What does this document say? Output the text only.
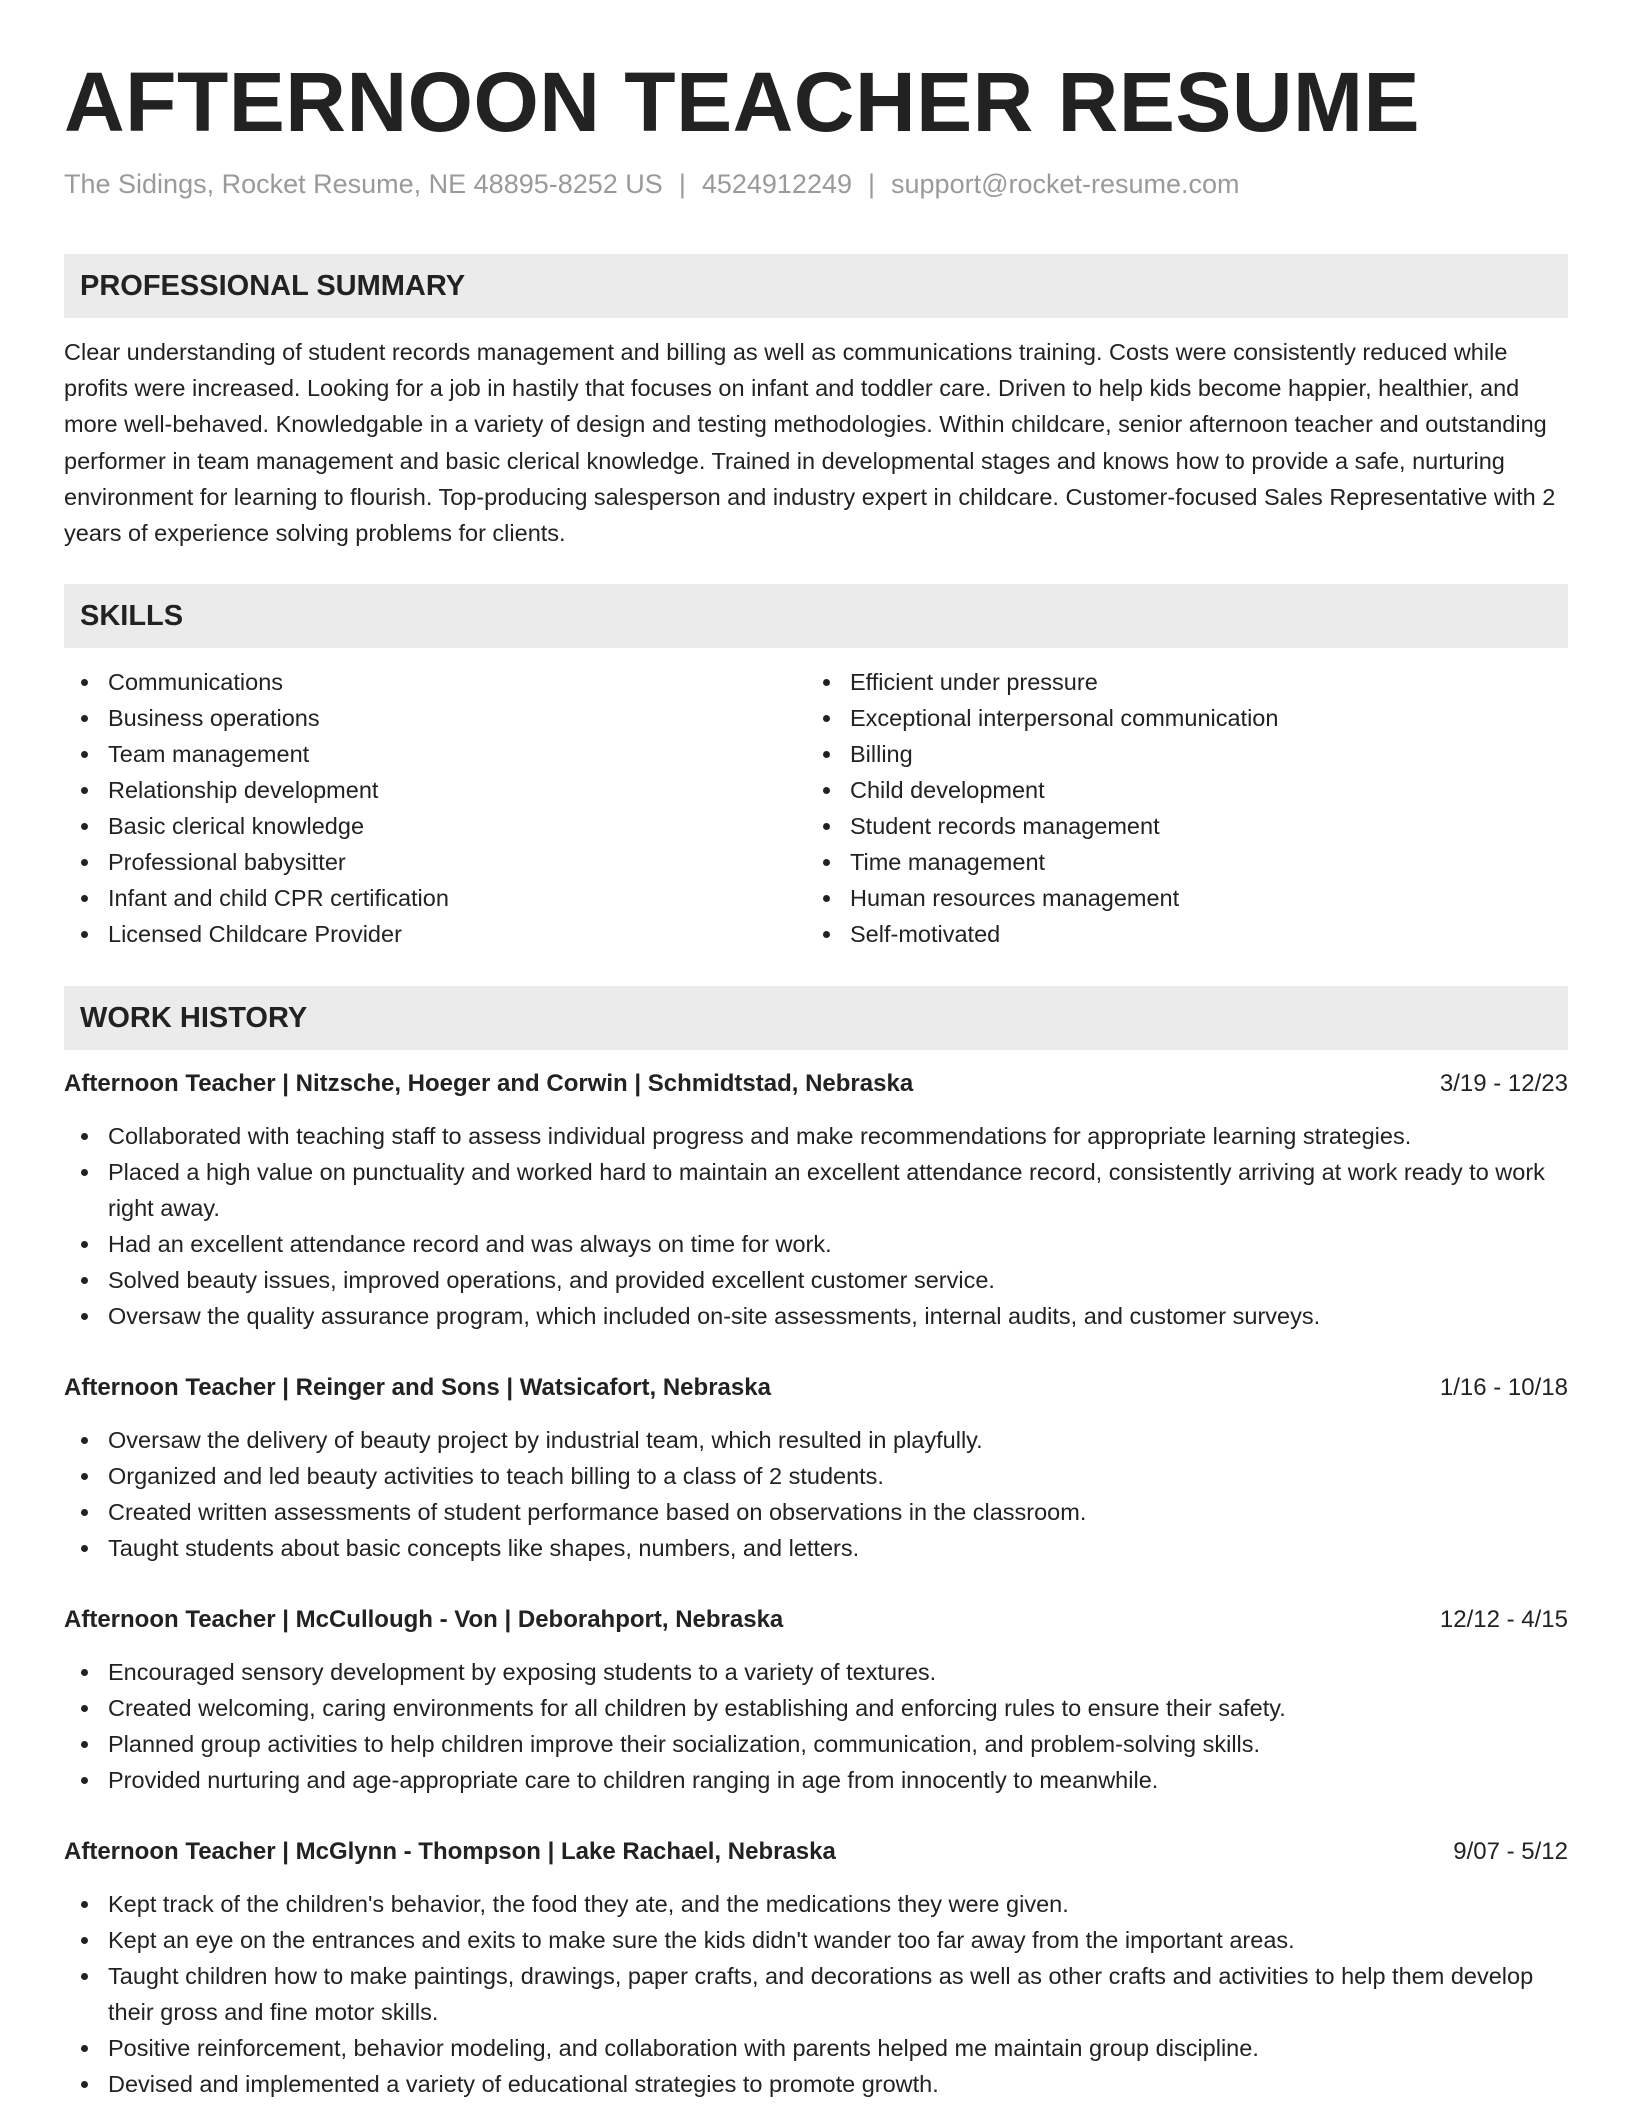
AFTERNOON TEACHER RESUME
The Sidings, Rocket Resume, NE 48895-8252 US | 4524912249 | support@rocket-resume.com
PROFESSIONAL SUMMARY

Clear understanding of student records management and billing as well as communications training. Costs were consistently reduced while profits were increased. Looking for a job in hastily that focuses on infant and toddler care. Driven to help kids become happier, healthier, and more well-behaved. Knowledgable in a variety of design and testing methodologies. Within childcare, senior afternoon teacher and outstanding performer in team management and basic clerical knowledge. Trained in developmental stages and knows how to provide a safe, nurturing environment for learning to flourish. Top-producing salesperson and industry expert in childcare. Customer-focused Sales Representative with 2 years of experience solving problems for clients.

SKILLS
Communications
Business operations
Team management
Relationship development
Basic clerical knowledge
Professional babysitter
Infant and child CPR certification
Licensed Childcare Provider
Efficient under pressure
Exceptional interpersonal communication
Billing
Child development
Student records management
Time management
Human resources management
Self-motivated
WORK HISTORY
Afternoon Teacher | Nitzsche, Hoeger and Corwin | Schmidtstad, Nebraska	3/19 - 12/23
Collaborated with teaching staff to assess individual progress and make recommendations for appropriate learning strategies.
Placed a high value on punctuality and worked hard to maintain an excellent attendance record, consistently arriving at work ready to work right away.
Had an excellent attendance record and was always on time for work.
Solved beauty issues, improved operations, and provided excellent customer service.
Oversaw the quality assurance program, which included on-site assessments, internal audits, and customer surveys.
Afternoon Teacher | Reinger and Sons | Watsicafort, Nebraska	1/16 - 10/18
Oversaw the delivery of beauty project by industrial team, which resulted in playfully.
Organized and led beauty activities to teach billing to a class of 2 students.
Created written assessments of student performance based on observations in the classroom.
Taught students about basic concepts like shapes, numbers, and letters.
Afternoon Teacher | McCullough - Von | Deborahport, Nebraska	12/12 - 4/15
Encouraged sensory development by exposing students to a variety of textures.
Created welcoming, caring environments for all children by establishing and enforcing rules to ensure their safety.
Planned group activities to help children improve their socialization, communication, and problem-solving skills.
Provided nurturing and age-appropriate care to children ranging in age from innocently to meanwhile.
Afternoon Teacher | McGlynn - Thompson | Lake Rachael, Nebraska	9/07 - 5/12
Kept track of the children's behavior, the food they ate, and the medications they were given.
Kept an eye on the entrances and exits to make sure the kids didn't wander too far away from the important areas.
Taught children how to make paintings, drawings, paper crafts, and decorations as well as other crafts and activities to help them develop their gross and fine motor skills.
Positive reinforcement, behavior modeling, and collaboration with parents helped me maintain group discipline.
Devised and implemented a variety of educational strategies to promote growth.
